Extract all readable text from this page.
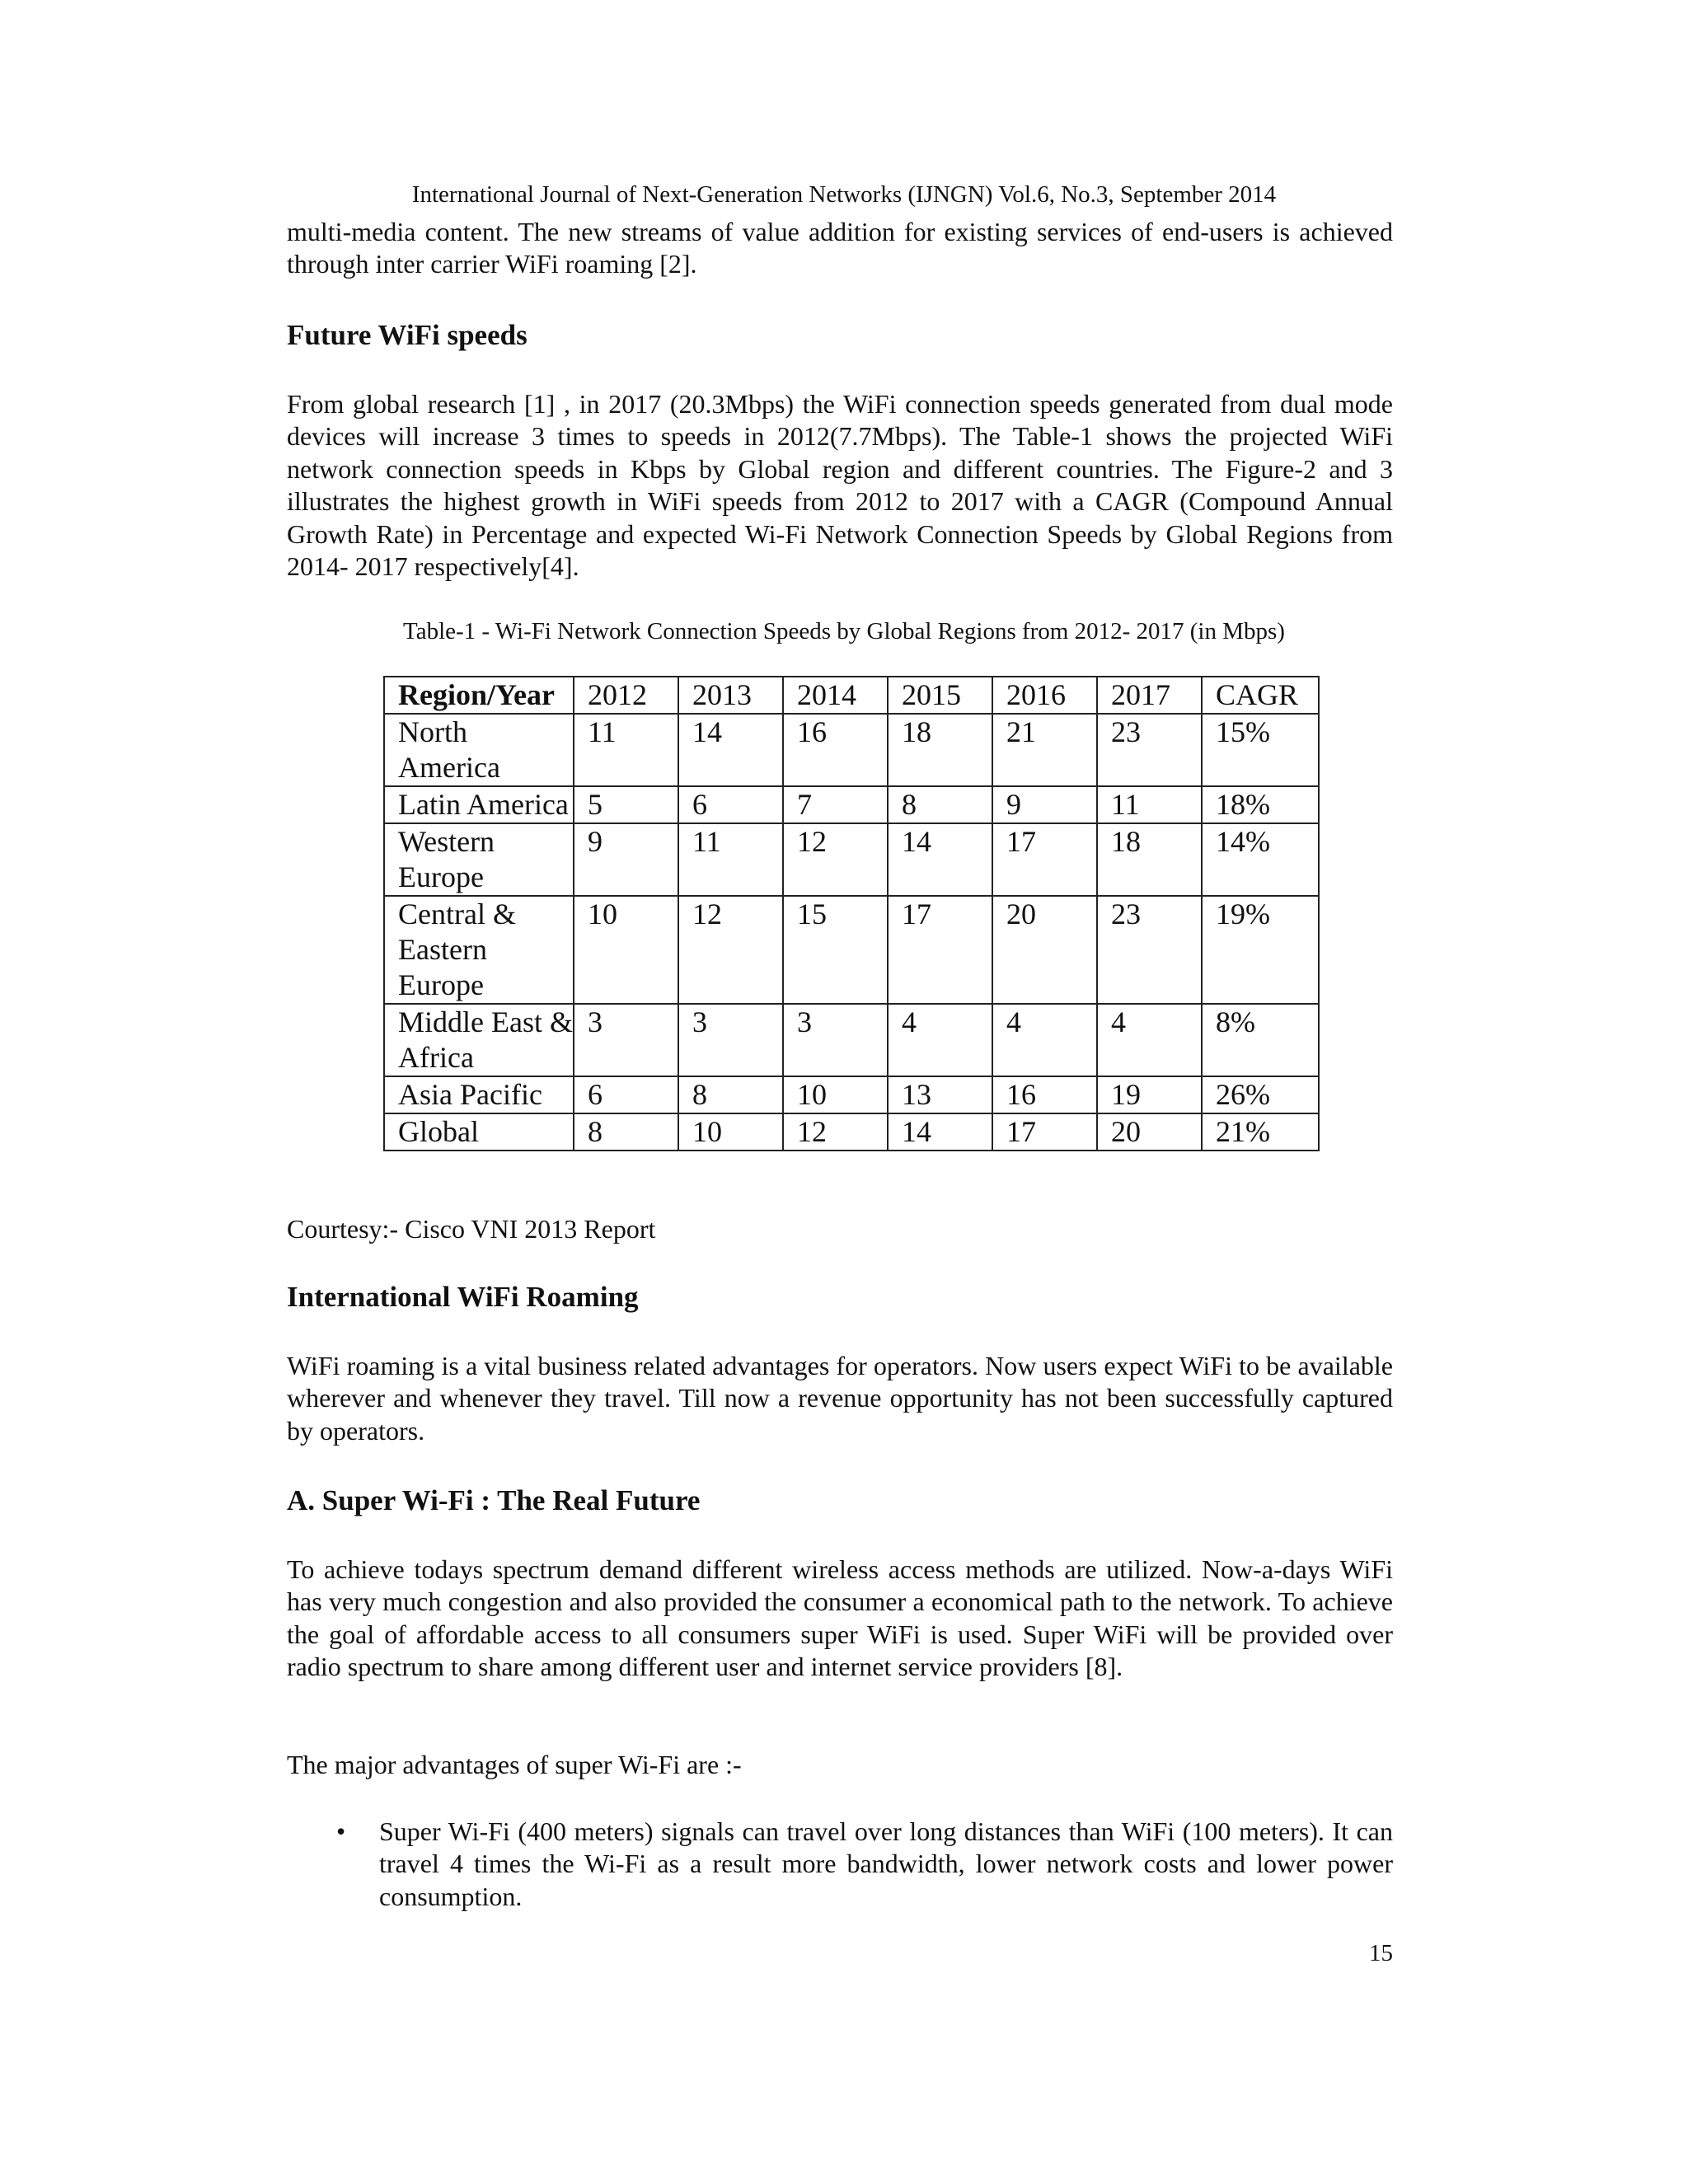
International Journal of Next-Generation Networks (IJNGN) Vol.6, No.3, September 2014

multi-media content. The new streams of value addition for existing services of end-users is achieved through inter carrier WiFi roaming [2].

Future WiFi speeds

From global research [1] , in 2017 (20.3Mbps) the WiFi connection speeds generated from dual mode devices will increase 3 times to speeds in 2012(7.7Mbps). The Table-1 shows the projected WiFi network connection speeds in Kbps by Global region and different countries. The Figure-2 and 3 illustrates the highest growth in WiFi speeds from 2012 to 2017 with a CAGR (Compound Annual Growth Rate) in Percentage and expected Wi-Fi Network Connection Speeds by Global Regions from 2014- 2017 respectively[4].

Table-1 - Wi-Fi Network Connection Speeds by Global Regions from 2012- 2017 (in Mbps)
Region/Year	2012	2013	2014	2015	2016	2017	CAGR
North America	11	14	16	18	21	23	15%
Latin America	5	6	7	8	9	11	18%
Western Europe	9	11	12	14	17	18	14%
Central & Eastern Europe	10	12	15	17	20	23	19%
Middle East & Africa	3	3	3	4	4	4	8%
Asia Pacific	6	8	10	13	16	19	26%
Global	8	10	12	14	17	20	21%

Courtesy:- Cisco VNI 2013 Report

International WiFi Roaming

WiFi roaming is a vital business related advantages for operators. Now users expect WiFi to be available wherever and whenever they travel. Till now a revenue opportunity has not been successfully captured by operators.

A. Super Wi-Fi : The Real Future

To achieve todays spectrum demand different wireless access methods are utilized. Now-a-days WiFi has very much congestion and also provided the consumer a economical path to the network. To achieve the goal of affordable access to all consumers super WiFi is used. Super WiFi will be provided over radio spectrum to share among different user and internet service providers [8].

The major advantages of super Wi-Fi are :-

• Super Wi-Fi (400 meters) signals can travel over long distances than WiFi (100 meters). It can travel 4 times the Wi-Fi as a result more bandwidth, lower network costs and lower power consumption.

15
